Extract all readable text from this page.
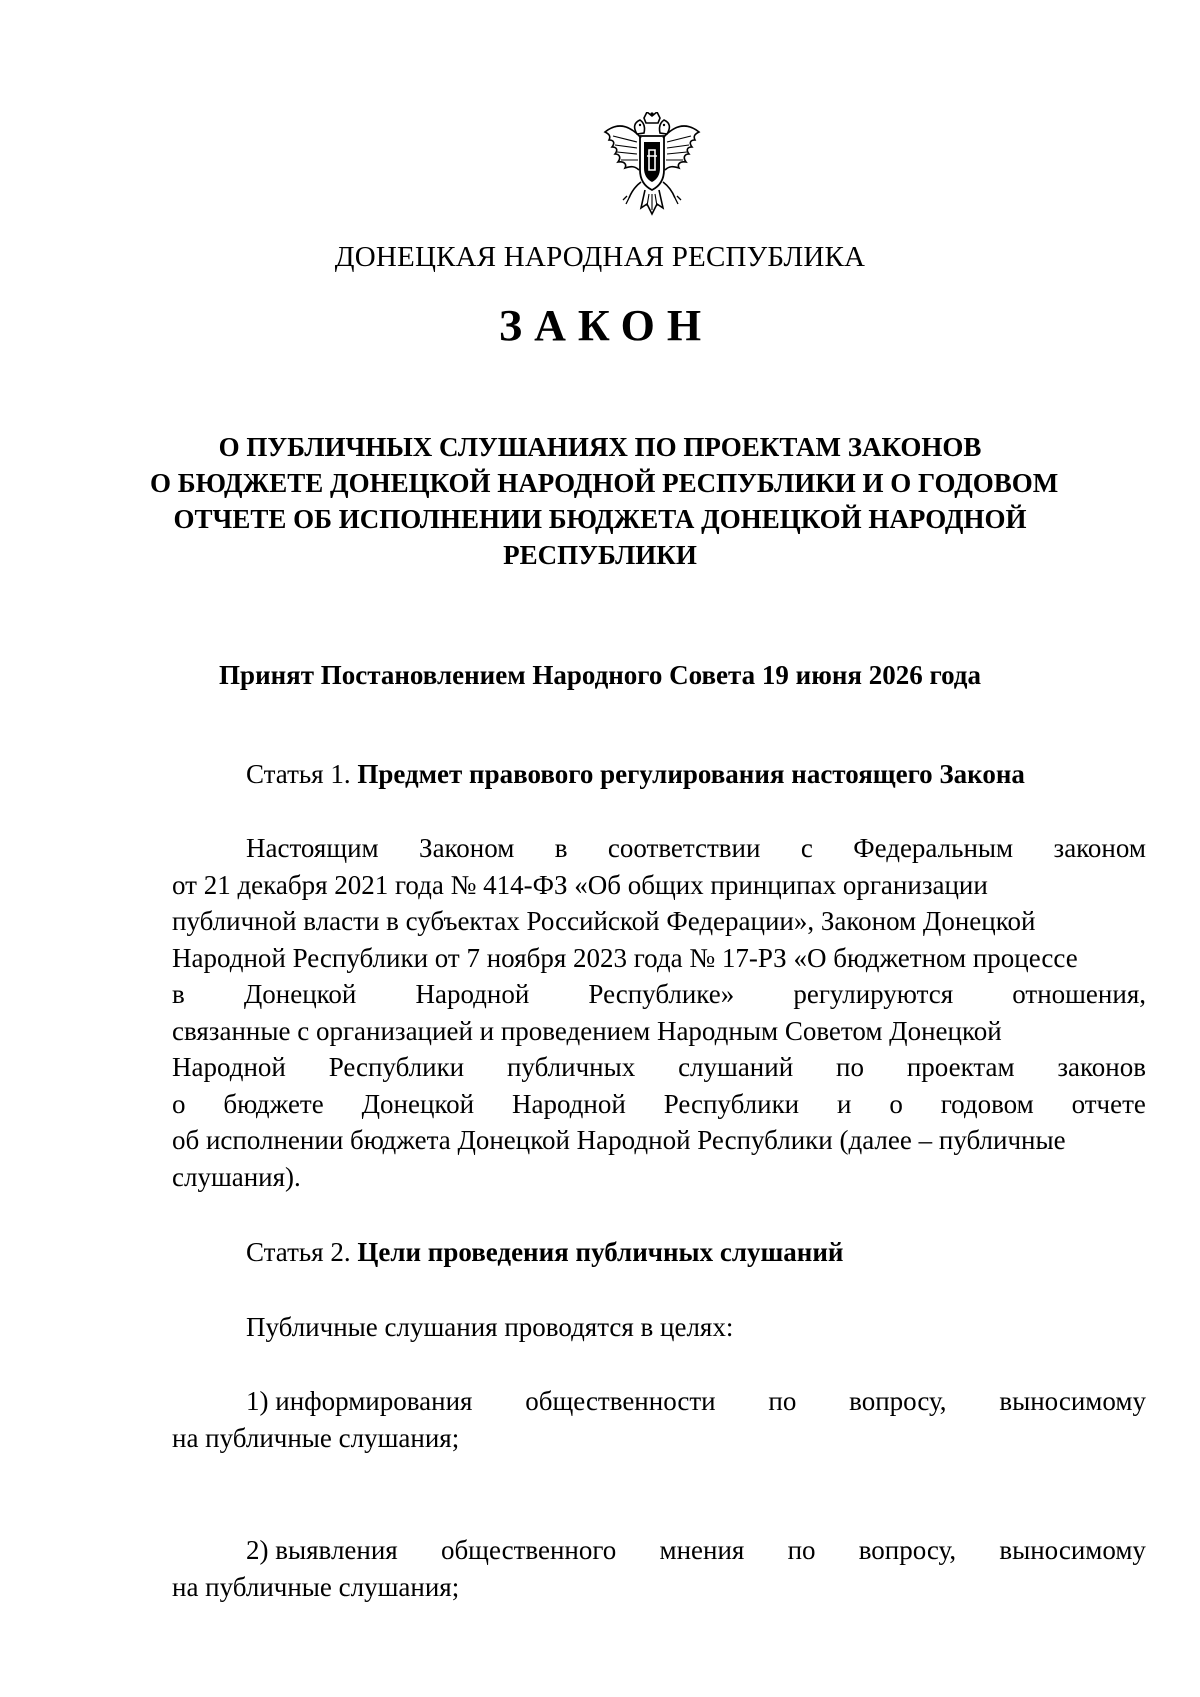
ДОНЕЦКАЯ НАРОДНАЯ РЕСПУБЛИКА
ЗАКОН
О ПУБЛИЧНЫХ СЛУШАНИЯХ ПО ПРОЕКТАМ ЗАКОНОВ
О БЮДЖЕТЕ ДОНЕЦКОЙ НАРОДНОЙ РЕСПУБЛИКИ И О ГОДОВОМ
ОТЧЕТЕ ОБ ИСПОЛНЕНИИ БЮДЖЕТА ДОНЕЦКОЙ НАРОДНОЙ
РЕСПУБЛИКИ
Принят Постановлением Народного Совета 19 июня 2026 года
Статья 1. Предмет правового регулирования настоящего Закона
Настоящим Законом в соответствии с Федеральным законом
от 21 декабря 2021 года № 414-ФЗ «Об общих принципах организации
публичной власти в субъектах Российской Федерации», Законом Донецкой
Народной Республики от 7 ноября 2023 года № 17-РЗ «О бюджетном процессе
в Донецкой Народной Республике» регулируются отношения,
связанные с организацией и проведением Народным Советом Донецкой
Народной Республики публичных слушаний по проектам законов
о бюджете Донецкой Народной Республики и о годовом отчете
об исполнении бюджета Донецкой Народной Республики (далее – публичные
слушания).
Статья 2. Цели проведения публичных слушаний
Публичные слушания проводятся в целях:
1) информирования общественности по вопросу, выносимому
на публичные слушания;
2) выявления общественного мнения по вопросу, выносимому
на публичные слушания;
